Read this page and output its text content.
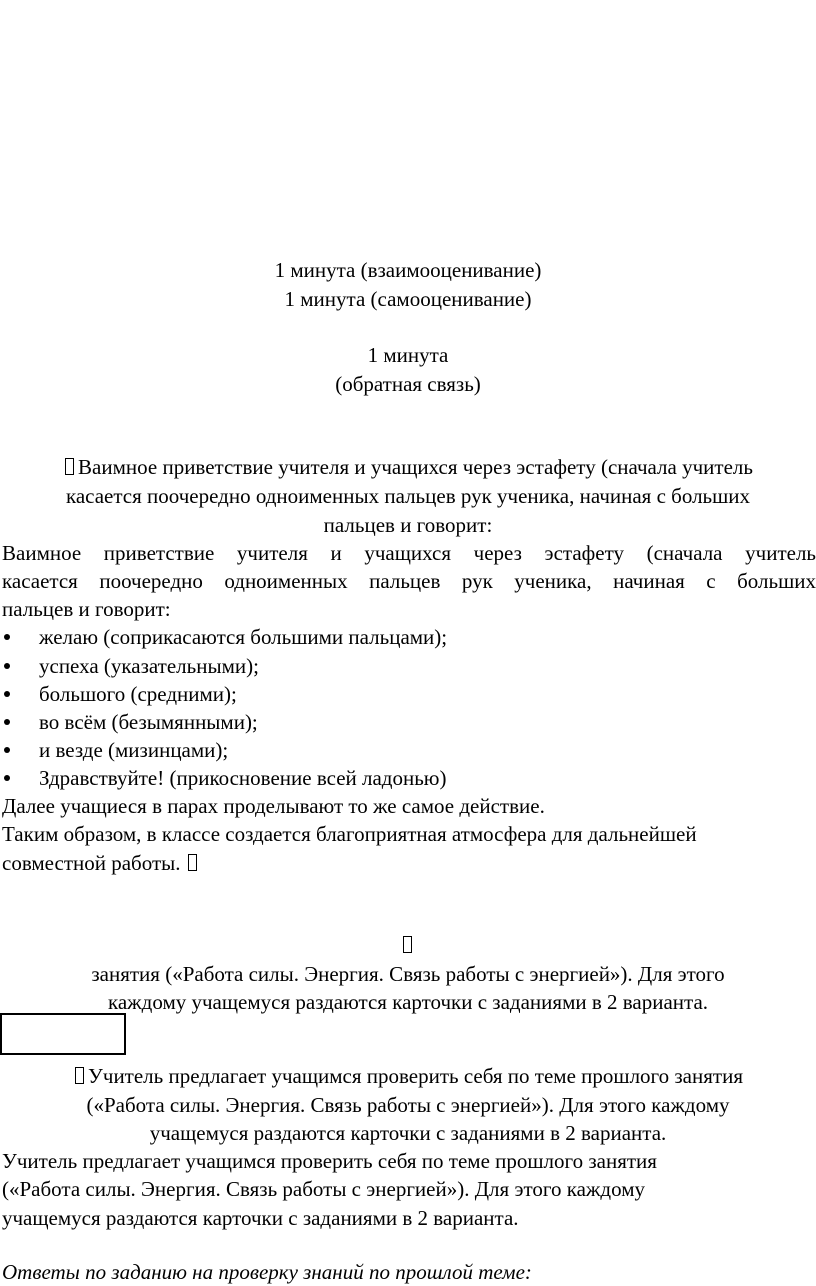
1 минута (взаимооценивание)
1 минута (самооценивание)
1 минута
(обратная связь)
Ваимное приветствие учителя и учащихся через эстафету (сначала учитель
касается поочередно одноименных пальцев рук ученика, начиная с больших
пальцев и говорит:
Ваимное приветствие учителя и учащихся через эстафету (сначала учитель
касается поочередно одноименных пальцев рук ученика, начиная с больших
пальцев и говорит:
желаю (соприкасаются большими пальцами);
успеха (указательными);
большого (средними);
во всём (безымянными);
и везде (мизинцами);
Здравствуйте! (прикосновение всей ладонью)
Далее учащиеся в парах проделывают то же самое действие.
Таким образом, в классе создается благоприятная атмосфера для дальнейшей
совместной работы.
занятия («Работа силы. Энергия. Связь работы с энергией»). Для этого
каждому учащемуся раздаются карточки с заданиями в 2 варианта.
Учитель предлагает учащимся проверить себя по теме прошлого занятия
(«Работа силы. Энергия. Связь работы с энергией»). Для этого каждому
учащемуся раздаются карточки с заданиями в 2 варианта.
Учитель предлагает учащимся проверить себя по теме прошлого занятия
(«Работа силы. Энергия. Связь работы с энергией»). Для этого каждому
учащемуся раздаются карточки с заданиями в 2 варианта.
Ответы по заданию на проверку знаний по прошлой теме:
